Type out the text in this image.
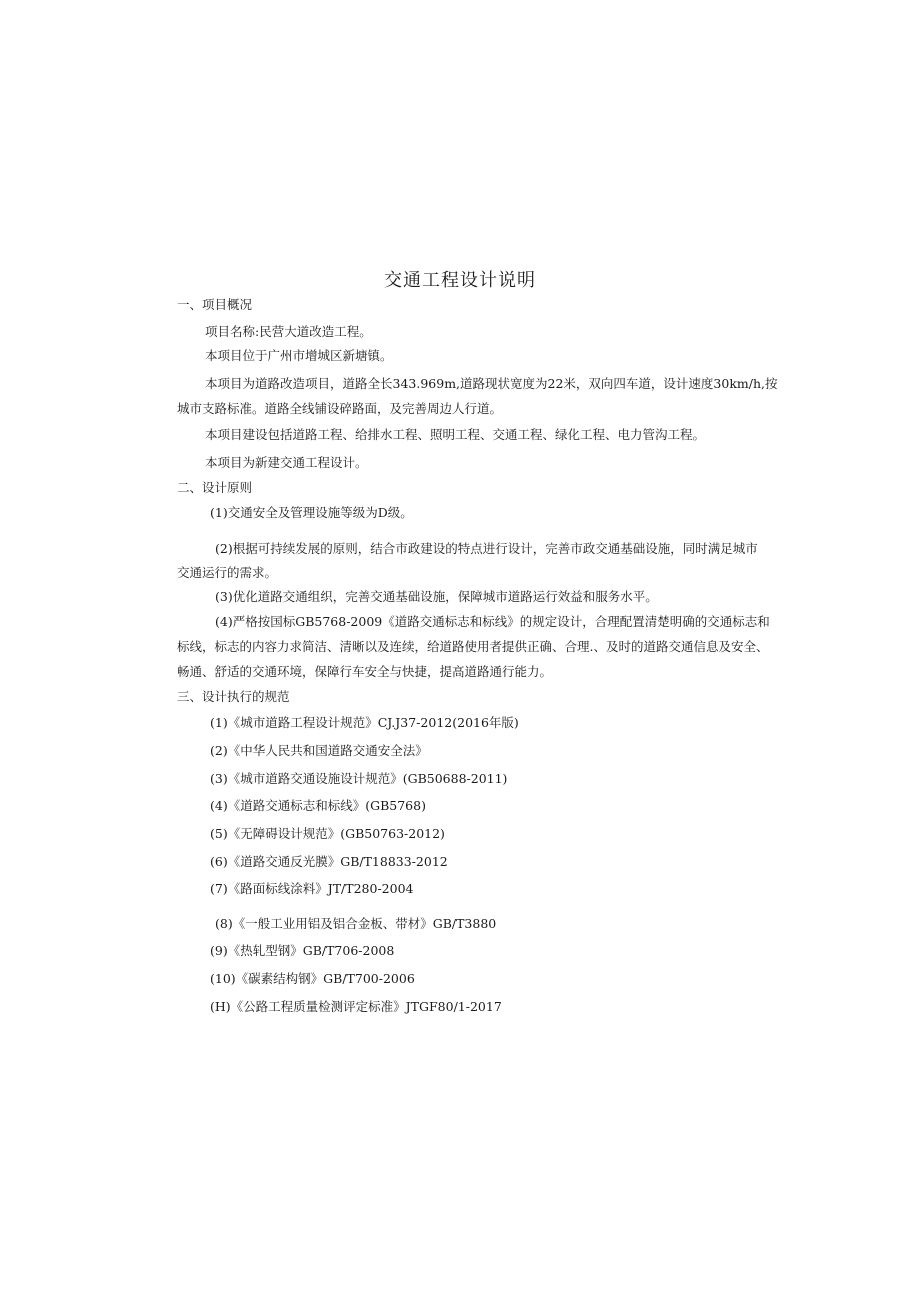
交通工程设计说明
一、项目概况
项目名称:民营大道改造工程。
本项目位于广州市增城区新塘镇。
本项目为道路改造项目，道路全长343.969m,道路现状宽度为22米，双向四车道，设计速度30km/h,按
城市支路标准。道路全线铺设碎路面，及完善周边人行道。
本项目建设包括道路工程、给排水工程、照明工程、交通工程、绿化工程、电力管沟工程。
本项目为新建交通工程设计。
二、设计原则
(1)交通安全及管理设施等级为D级。
(2)根据可持续发展的原则，结合市政建设的特点进行设计，完善市政交通基础设施，同时满足城市
交通运行的需求。
(3)优化道路交通组织，完善交通基础设施，保障城市道路运行效益和服务水平。
(4)严格按国标GB5768-2009《道路交通标志和标线》的规定设计，合理配置清楚明确的交通标志和
标线，标志的内容力求简洁、清晰以及连续，给道路使用者提供正确、合理.、及时的道路交通信息及安全、
畅通、舒适的交通环境，保障行车安全与快捷，提高道路通行能力。
三、设计执行的规范
(1)《城市道路工程设计规范》CJ.J37-2012(2016年版)
(2)《中华人民共和国道路交通安全法》
(3)《城市道路交通设施设计规范》(GB50688-2011)
(4)《道路交通标志和标线》(GB5768)
(5)《无障碍设计规范》(GB50763-2012)
(6)《道路交通反光膜》GB/T18833-2012
(7)《路面标线涂料》JT/T280-2004
(8)《一般工业用铝及铝合金板、带材》GB/T3880
(9)《热轧型钢》GB/T706-2008
(10)《碳素结构钢》GB/T700-2006
(H)《公路工程质量检测评定标准》JTGF80/1-2017
